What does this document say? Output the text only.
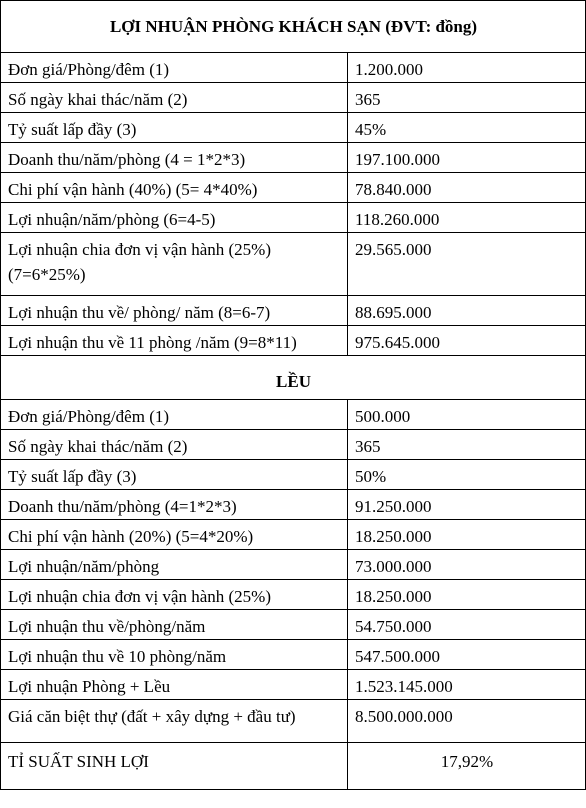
LỢI NHUẬN PHÒNG KHÁCH SẠN (ĐVT: đồng)	
Đơn giá/Phòng/đêm (1)	1.200.000
Số ngày khai thác/năm (2)	365
Tỷ suất lấp đầy (3)	45%
Doanh thu/năm/phòng (4 = 1*2*3)	197.100.000
Chi phí vận hành (40%) (5= 4*40%)	78.840.000
Lợi nhuận/năm/phòng (6=4-5)	118.260.000
Lợi nhuận chia đơn vị vận hành (25%) (7=6*25%)	29.565.000
Lợi nhuận thu về/ phòng/ năm (8=6-7)	88.695.000
Lợi nhuận thu về 11 phòng /năm (9=8*11)	975.645.000
LỀU	
Đơn giá/Phòng/đêm (1)	500.000
Số ngày khai thác/năm (2)	365
Tỷ suất lấp đầy (3)	50%
Doanh thu/năm/phòng (4=1*2*3)	91.250.000
Chi phí vận hành (20%) (5=4*20%)	18.250.000
Lợi nhuận/năm/phòng	73.000.000
Lợi nhuận chia đơn vị vận hành (25%)	18.250.000
Lợi nhuận thu về/phòng/năm	54.750.000
Lợi nhuận thu về 10 phòng/năm	547.500.000
Lợi nhuận Phòng + Lều	1.523.145.000
Giá căn biệt thự (đất + xây dựng + đầu tư)	8.500.000.000
TỈ SUẤT SINH LỢI	17,92%
